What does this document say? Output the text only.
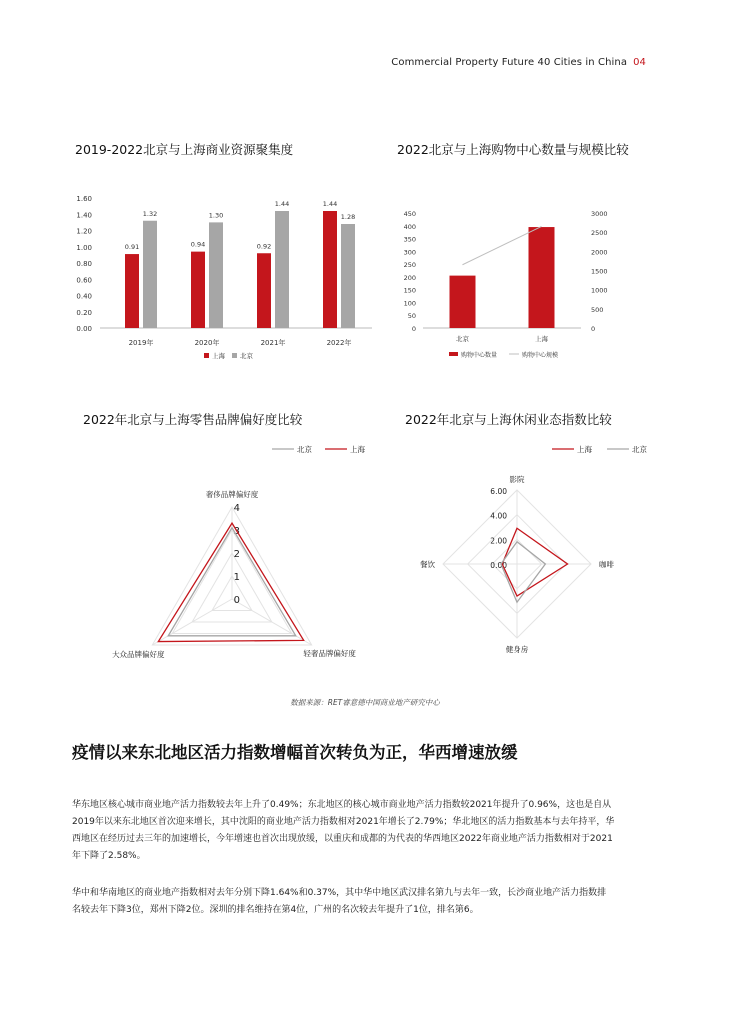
Commercial Property Future 40 Cities in China 04
2019-2022北京与上海商业资源聚集度	2022北京与上海购物中心数量与规模比较
2022年北京与上海零售品牌偏好度比较	2022年北京与上海休闲业态指数比较
0.00
0.20
0.40
0.60
0.80
1.00
1.20
1.40
1.60
0.91
1.32
2019年
0.94
1.30
2020年
0.92
1.44
2021年
1.44
1.28
2022年
上海 北京
0
50
100
150
200
250
300
350
400
450
0
500
1000
1500
2000
2500
3000
北京	上海
购物中心数量	购物中心规模
0
1
2
3
4
奢侈品牌偏好度
轻奢品牌偏好度
大众品牌偏好度
北京	上海
0.00
2.00
4.00
6.00
影院
咖啡
健身房
餐饮
上海	北京
数据来源：RET睿意德中国商业地产研究中心
疫情以来东北地区活力指数增幅首次转负为正，华西增速放缓

华东地区核心城市商业地产活力指数较去年上升了0.49%；东北地区的核心城市商业地产活力指数较2021年提升了0.96%，这也是自从
2019年以来东北地区首次迎来增长，其中沈阳的商业地产活力指数相对2021年增长了2.79%；华北地区的活力指数基本与去年持平，华
西地区在经历过去三年的加速增长，今年增速也首次出现放缓，以重庆和成都的为代表的华西地区2022年商业地产活力指数相对于2021
年下降了2.58%。

华中和华南地区的商业地产指数相对去年分别下降1.64%和0.37%，其中华中地区武汉排名第九与去年一致，长沙商业地产活力指数排
名较去年下降3位，郑州下降2位。深圳的排名维持在第4位，广州的名次较去年提升了1位，排名第6。
